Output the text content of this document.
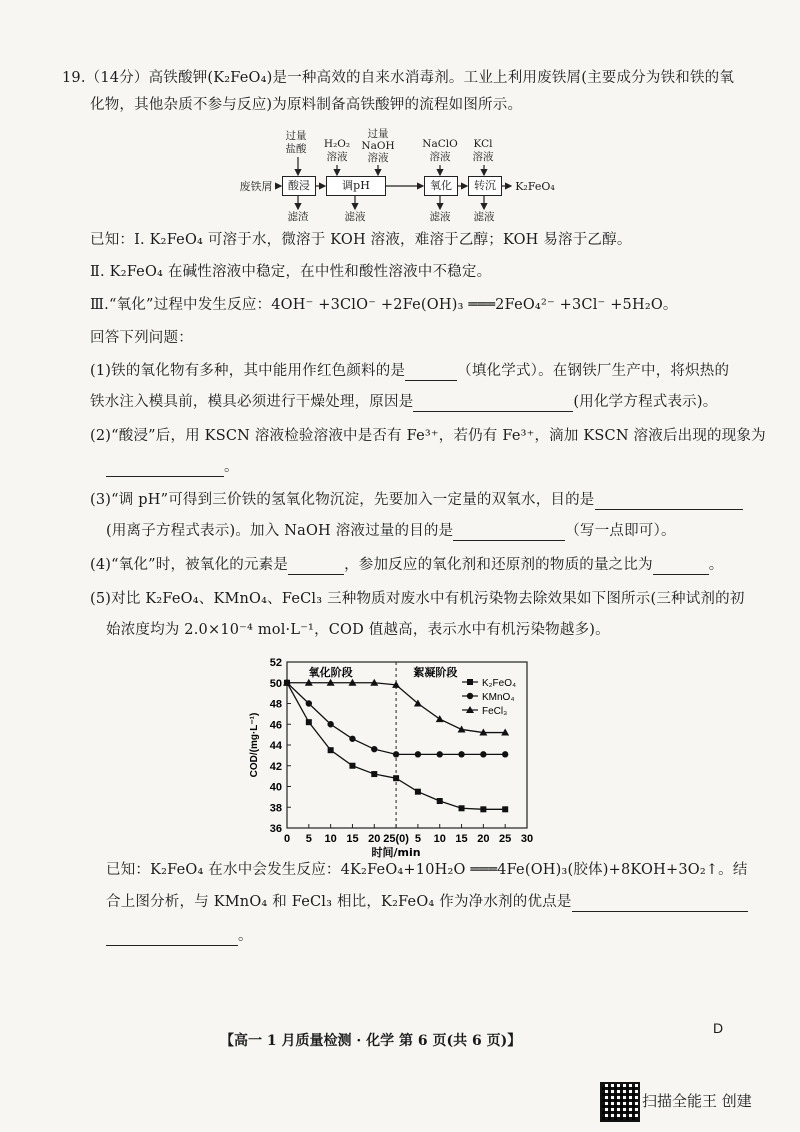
19.（14分）高铁酸钾(K₂FeO₄)是一种高效的自来水消毒剂。工业上利用废铁屑(主要成分为铁和铁的氧
化物，其他杂质不参与反应)为原料制备高铁酸钾的流程如图所示。
过量
盐酸	H₂O₂
溶液
过量
NaOH
溶液
NaClO
溶液
KCl
溶液
废铁屑	酸浸	调pH	氧化	转沉	K₂FeO₄
滤渣	滤液	滤液	滤液
已知：Ⅰ. K₂FeO₄ 可溶于水，微溶于 KOH 溶液，难溶于乙醇；KOH 易溶于乙醇。
Ⅱ. K₂FeO₄ 在碱性溶液中稳定，在中性和酸性溶液中不稳定。
Ⅲ.“氧化”过程中发生反应：4OH⁻ +3ClO⁻ +2Fe(OH)₃ ═══2FeO₄²⁻ +3Cl⁻ +5H₂O。
回答下列问题：
(1)铁的氧化物有多种，其中能用作红色颜料的是	（填化学式）。在钢铁厂生产中，将炽热的
铁水注入模具前，模具必须进行干燥处理，原因是	(用化学方程式表示)。
(2)“酸浸”后，用 KSCN 溶液检验溶液中是否有 Fe³⁺，若仍有 Fe³⁺，滴加 KSCN 溶液后出现的现象为
。
(3)“调 pH”可得到三价铁的氢氧化物沉淀，先要加入一定量的双氧水，目的是
(用离子方程式表示)。加入 NaOH 溶液过量的目的是	（写一点即可）。
(4)“氧化”时，被氧化的元素是	，参加反应的氧化剂和还原剂的物质的量之比为	。
(5)对比 K₂FeO₄、KMnO₄、FeCl₃ 三种物质对废水中有机污染物去除效果如下图所示(三种试剂的初
始浓度均为 2.0×10⁻⁴ mol·L⁻¹，COD 值越高，表示水中有机污染物越多)。
36
38
40
42
44
46
48
50
52
0 5 10 15 20 25(0) 5 10 15 20 25 30
时间/min
COD/(mg·L⁻¹)
氧化阶段	絮凝阶段
K₂FeO₄
KMnO₄
FeCl₃
已知：K₂FeO₄ 在水中会发生反应：4K₂FeO₄+10H₂O ═══4Fe(OH)₃(胶体)+8KOH+3O₂↑。结
合上图分析，与 KMnO₄ 和 FeCl₃ 相比，K₂FeO₄ 作为净水剂的优点是
。
【高一 1 月质量检测 · 化学 第 6 页(共 6 页)】
D
扫描全能王 创建
